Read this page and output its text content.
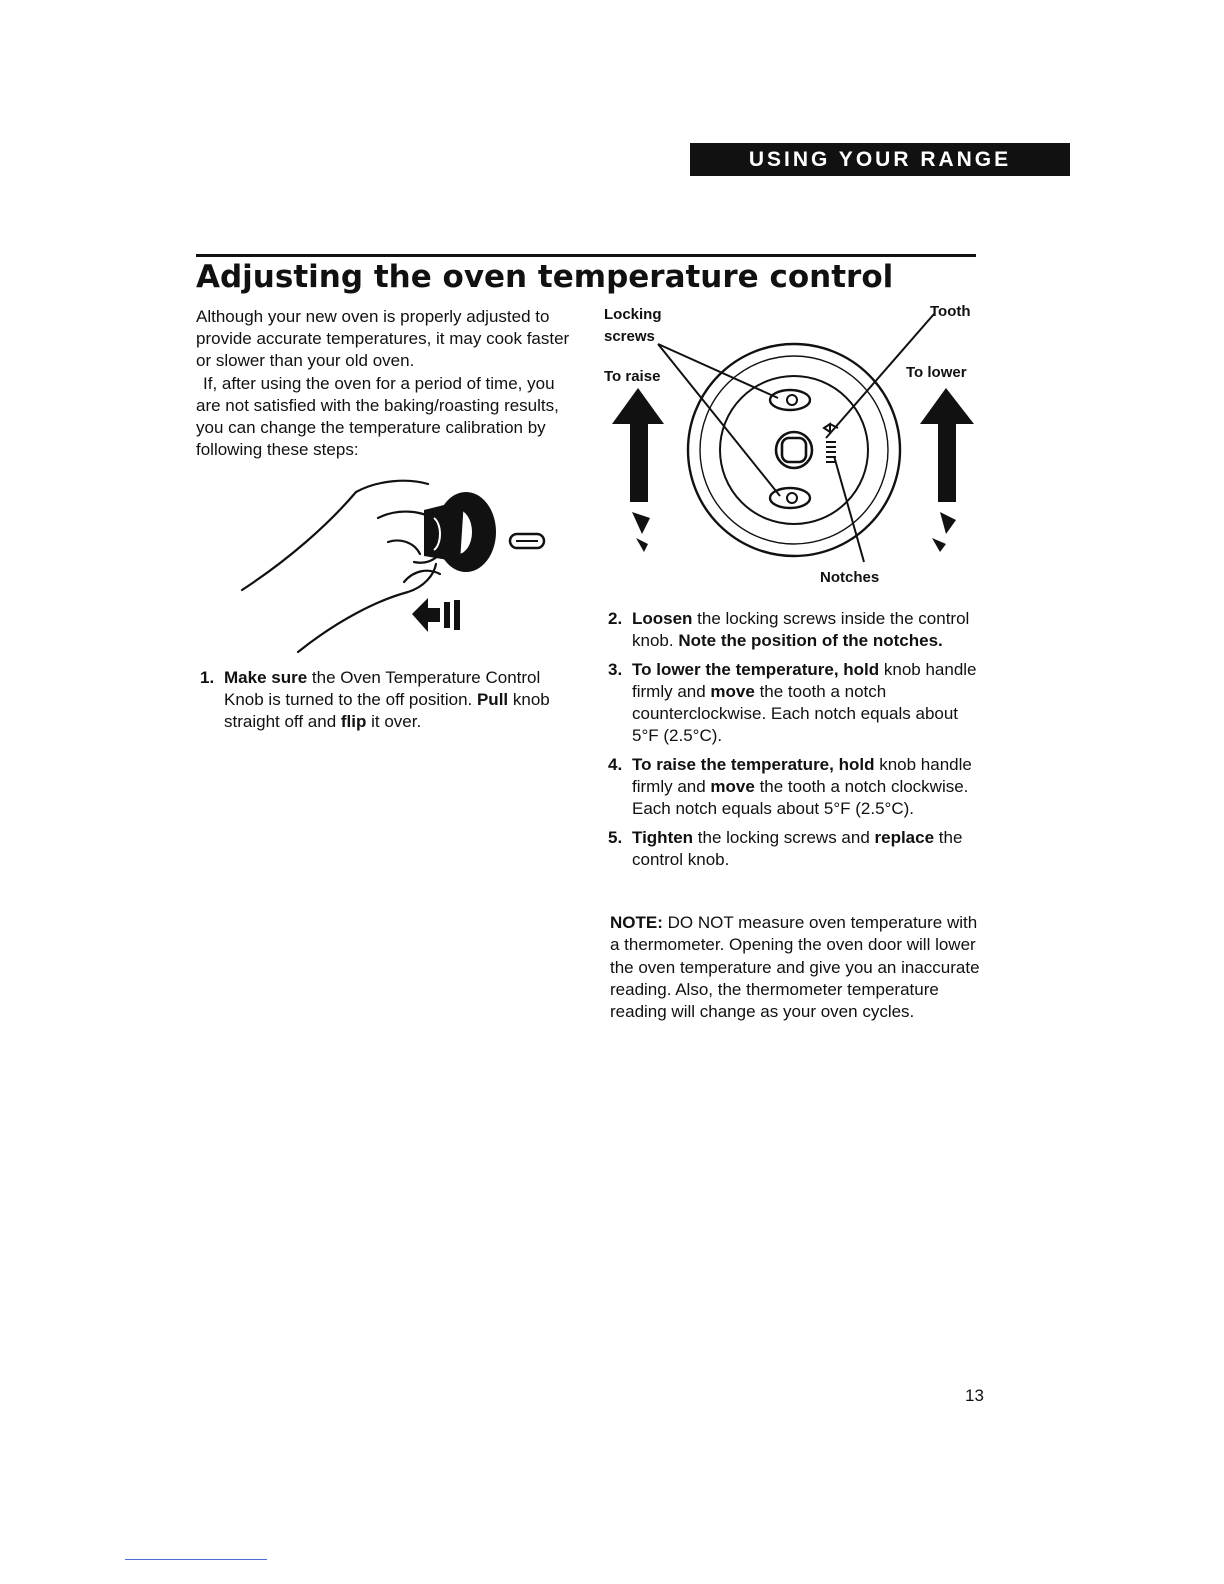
USING YOUR RANGE
Adjusting the oven temperature control

Although your new oven is properly adjusted to provide accurate temperatures, it may cook faster or slower than your old oven.

If, after using the oven for a period of time, you are not satisfied with the baking/roasting results, you can change the temperature calibration by following these steps:

Locking
screws
Tooth
To raise	To lower
Notches
1. Make sure the Oven Temperature Control Knob is turned to the off position. Pull knob straight off and flip it over.
2. Loosen the locking screws inside the control knob. Note the position of the notches.
3. To lower the temperature, hold knob handle firmly and move the tooth a notch counterclockwise. Each notch equals about 5°F (2.5°C).
4. To raise the temperature, hold knob handle firmly and move the tooth a notch clockwise. Each notch equals about 5°F (2.5°C).
5. Tighten the locking screws and replace the control knob.

NOTE: DO NOT measure oven temperature with a thermometer. Opening the oven door will lower the oven temperature and give you an inaccurate reading. Also, the thermometer temperature reading will change as your oven cycles.

13
